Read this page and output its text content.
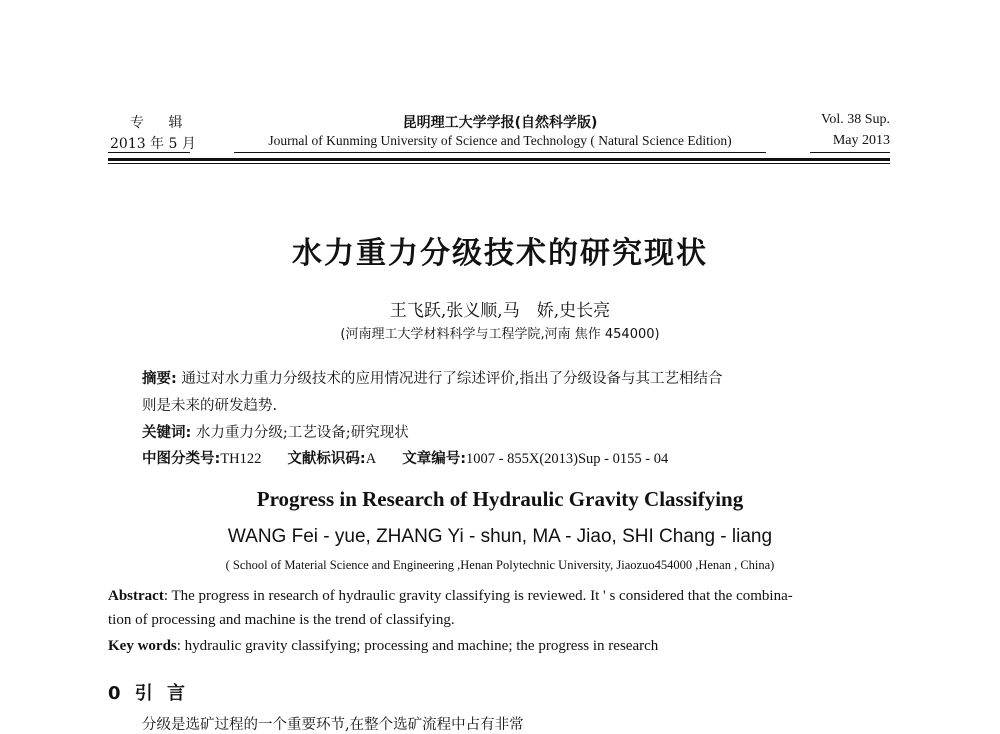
专 辑
2013 年 5 月
昆明理工大学学报(自然科学版)
Journal of Kunming University of Science and Technology ( Natural Science Edition)
Vol. 38 Sup.
May 2013
水力重力分级技术的研究现状
王飞跃,张义顺,马　娇,史长亮
(河南理工大学材料科学与工程学院,河南 焦作 454000)
摘要: 通过对水力重力分级技术的应用情况进行了综述评价,指出了分级设备与其工艺相结合
则是未来的研发趋势.
关键词: 水力重力分级;工艺设备;研究现状
中图分类号:TH122 文献标识码:A 文章编号:1007 - 855X(2013)Sup - 0155 - 04
Progress in Research of Hydraulic Gravity Classifying
WANG Fei - yue, ZHANG Yi - shun, MA - Jiao, SHI Chang - liang
( School of Material Science and Engineering ,Henan Polytechnic University, Jiaozuo454000 ,Henan , China)
Abstract: The progress in research of hydraulic gravity classifying is reviewed. It ' s considered that the combina-
tion of processing and machine is the trend of classifying.
Key words: hydraulic gravity classifying; processing and machine; the progress in research
0 引 言
分级是选矿过程的一个重要环节,在整个选矿流程中占有非常
